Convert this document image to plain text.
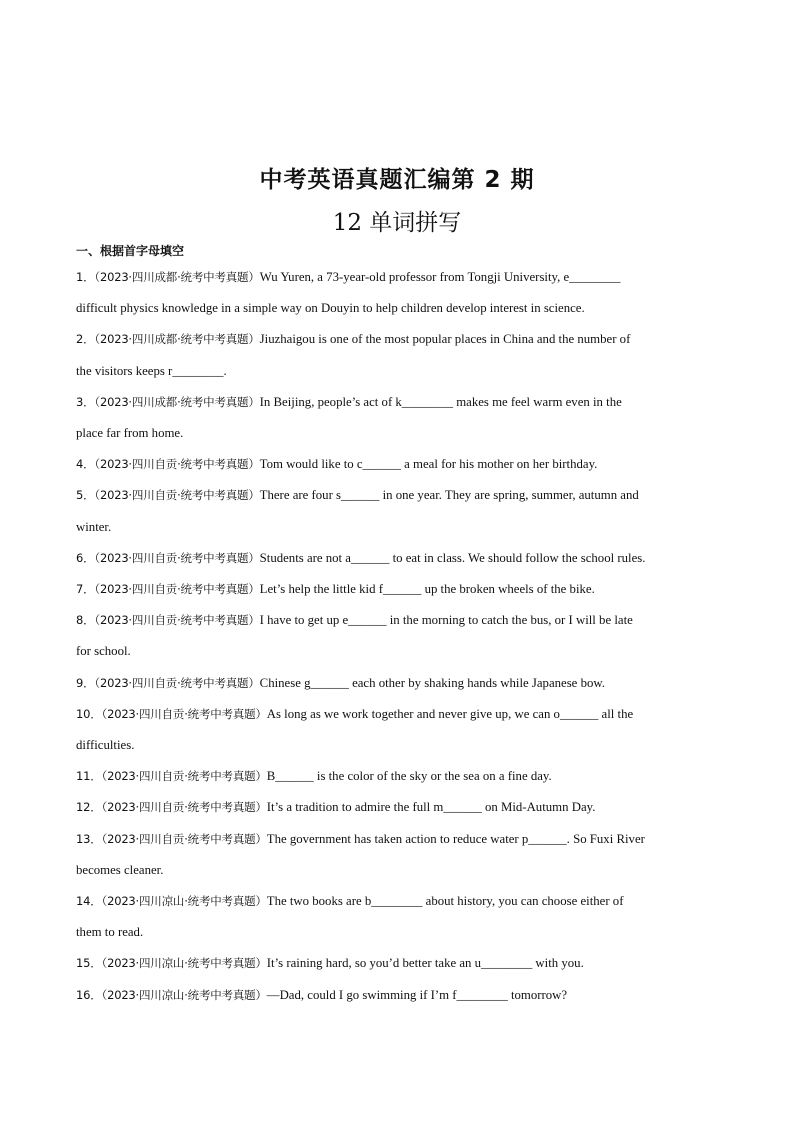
中考英语真题汇编第 2 期
12 单词拼写
一、根据首字母填空
1．（2023·四川成都·统考中考真题）Wu Yuren, a 73-year-old professor from Tongji University, e________
difficult physics knowledge in a simple way on Douyin to help children develop interest in science.
2．（2023·四川成都·统考中考真题）Jiuzhaigou is one of the most popular places in China and the number of
the visitors keeps r________.
3．（2023·四川成都·统考中考真题）In Beijing, people’s act of k________ makes me feel warm even in the
place far from home.
4．（2023·四川自贡·统考中考真题）Tom would like to c______ a meal for his mother on her birthday.
5．（2023·四川自贡·统考中考真题）There are four s______ in one year. They are spring, summer, autumn and
winter.
6．（2023·四川自贡·统考中考真题）Students are not a______ to eat in class. We should follow the school rules.
7．（2023·四川自贡·统考中考真题）Let’s help the little kid f______ up the broken wheels of the bike.
8．（2023·四川自贡·统考中考真题）I have to get up e______ in the morning to catch the bus, or I will be late
for school.
9．（2023·四川自贡·统考中考真题）Chinese g______ each other by shaking hands while Japanese bow.
10．（2023·四川自贡·统考中考真题）As long as we work together and never give up, we can o______ all the
difficulties.
11．（2023·四川自贡·统考中考真题）B______ is the color of the sky or the sea on a fine day.
12．（2023·四川自贡·统考中考真题）It’s a tradition to admire the full m______ on Mid-Autumn Day.
13．（2023·四川自贡·统考中考真题）The government has taken action to reduce water p______. So Fuxi River
becomes cleaner.
14．（2023·四川凉山·统考中考真题）The two books are b________ about history, you can choose either of
them to read.
15．（2023·四川凉山·统考中考真题）It’s raining hard, so you’d better take an u________ with you.
16．（2023·四川凉山·统考中考真题）—Dad, could I go swimming if I’m f________ tomorrow?
